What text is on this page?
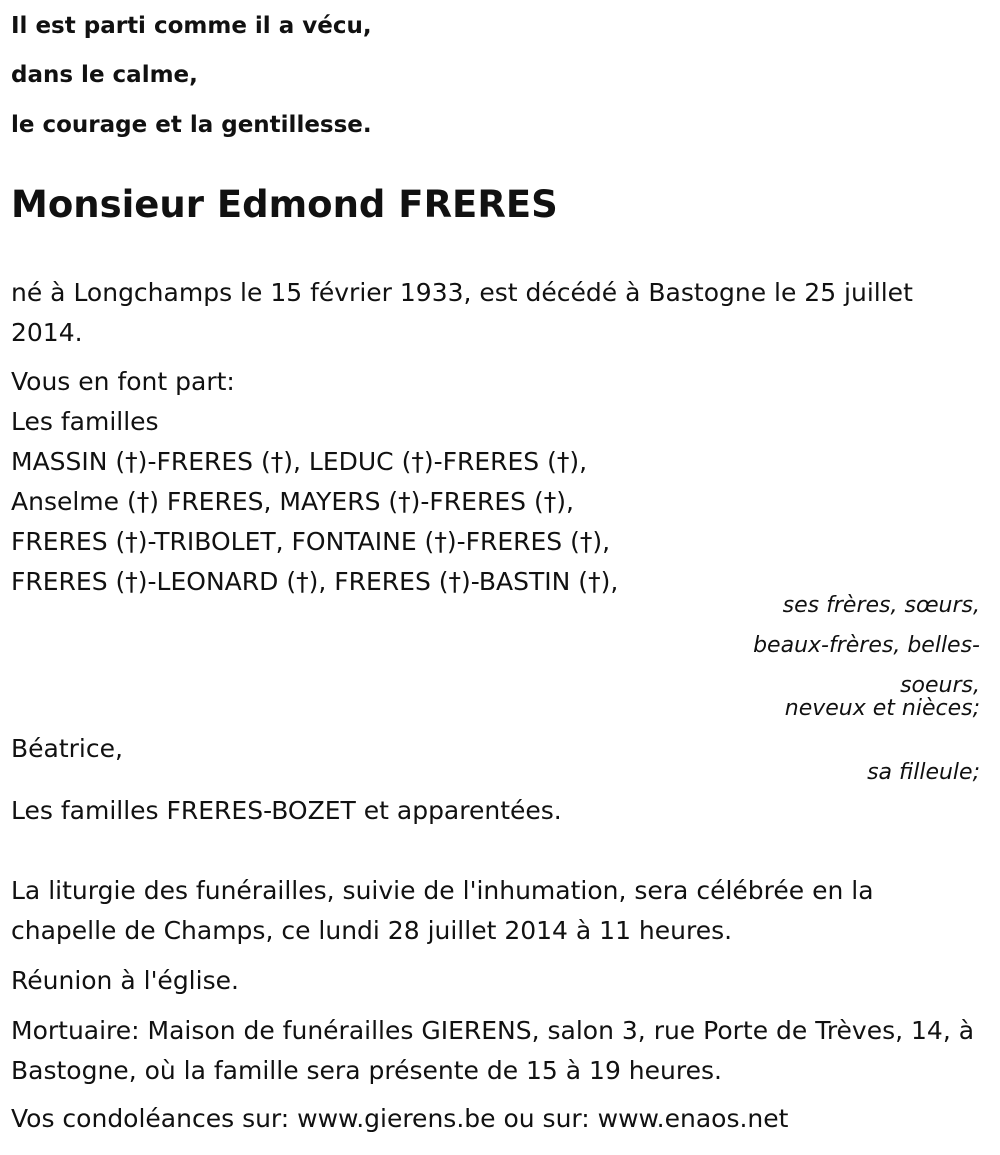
Il est parti comme il a vécu,

dans le calme,

le courage et la gentillesse.

Monsieur Edmond FRERES

né à Longchamps le 15 février 1933, est décédé à Bastogne le 25 juillet 2014.

Vous en font part:

Les familles

MASSIN (†)-FRERES (†), LEDUC (†)-FRERES (†),

Anselme (†) FRERES, MAYERS (†)-FRERES (†),

FRERES (†)-TRIBOLET, FONTAINE (†)-FRERES (†),

FRERES (†)-LEONARD (†), FRERES (†)-BASTIN (†),

ses frères, sœurs,

beaux-frères, belles-

soeurs,

neveux et nièces;

Béatrice,

sa filleule;

Les familles FRERES-BOZET et apparentées.

La liturgie des funérailles, suivie de l'inhumation, sera célébrée en la chapelle de Champs, ce lundi 28 juillet 2014 à 11 heures.

Réunion à l'église.

Mortuaire: Maison de funérailles GIERENS, salon 3, rue Porte de Trèves, 14, à Bastogne, où la famille sera présente de 15 à 19 heures.

Vos condoléances sur: www.gierens.be ou sur: www.enaos.net
